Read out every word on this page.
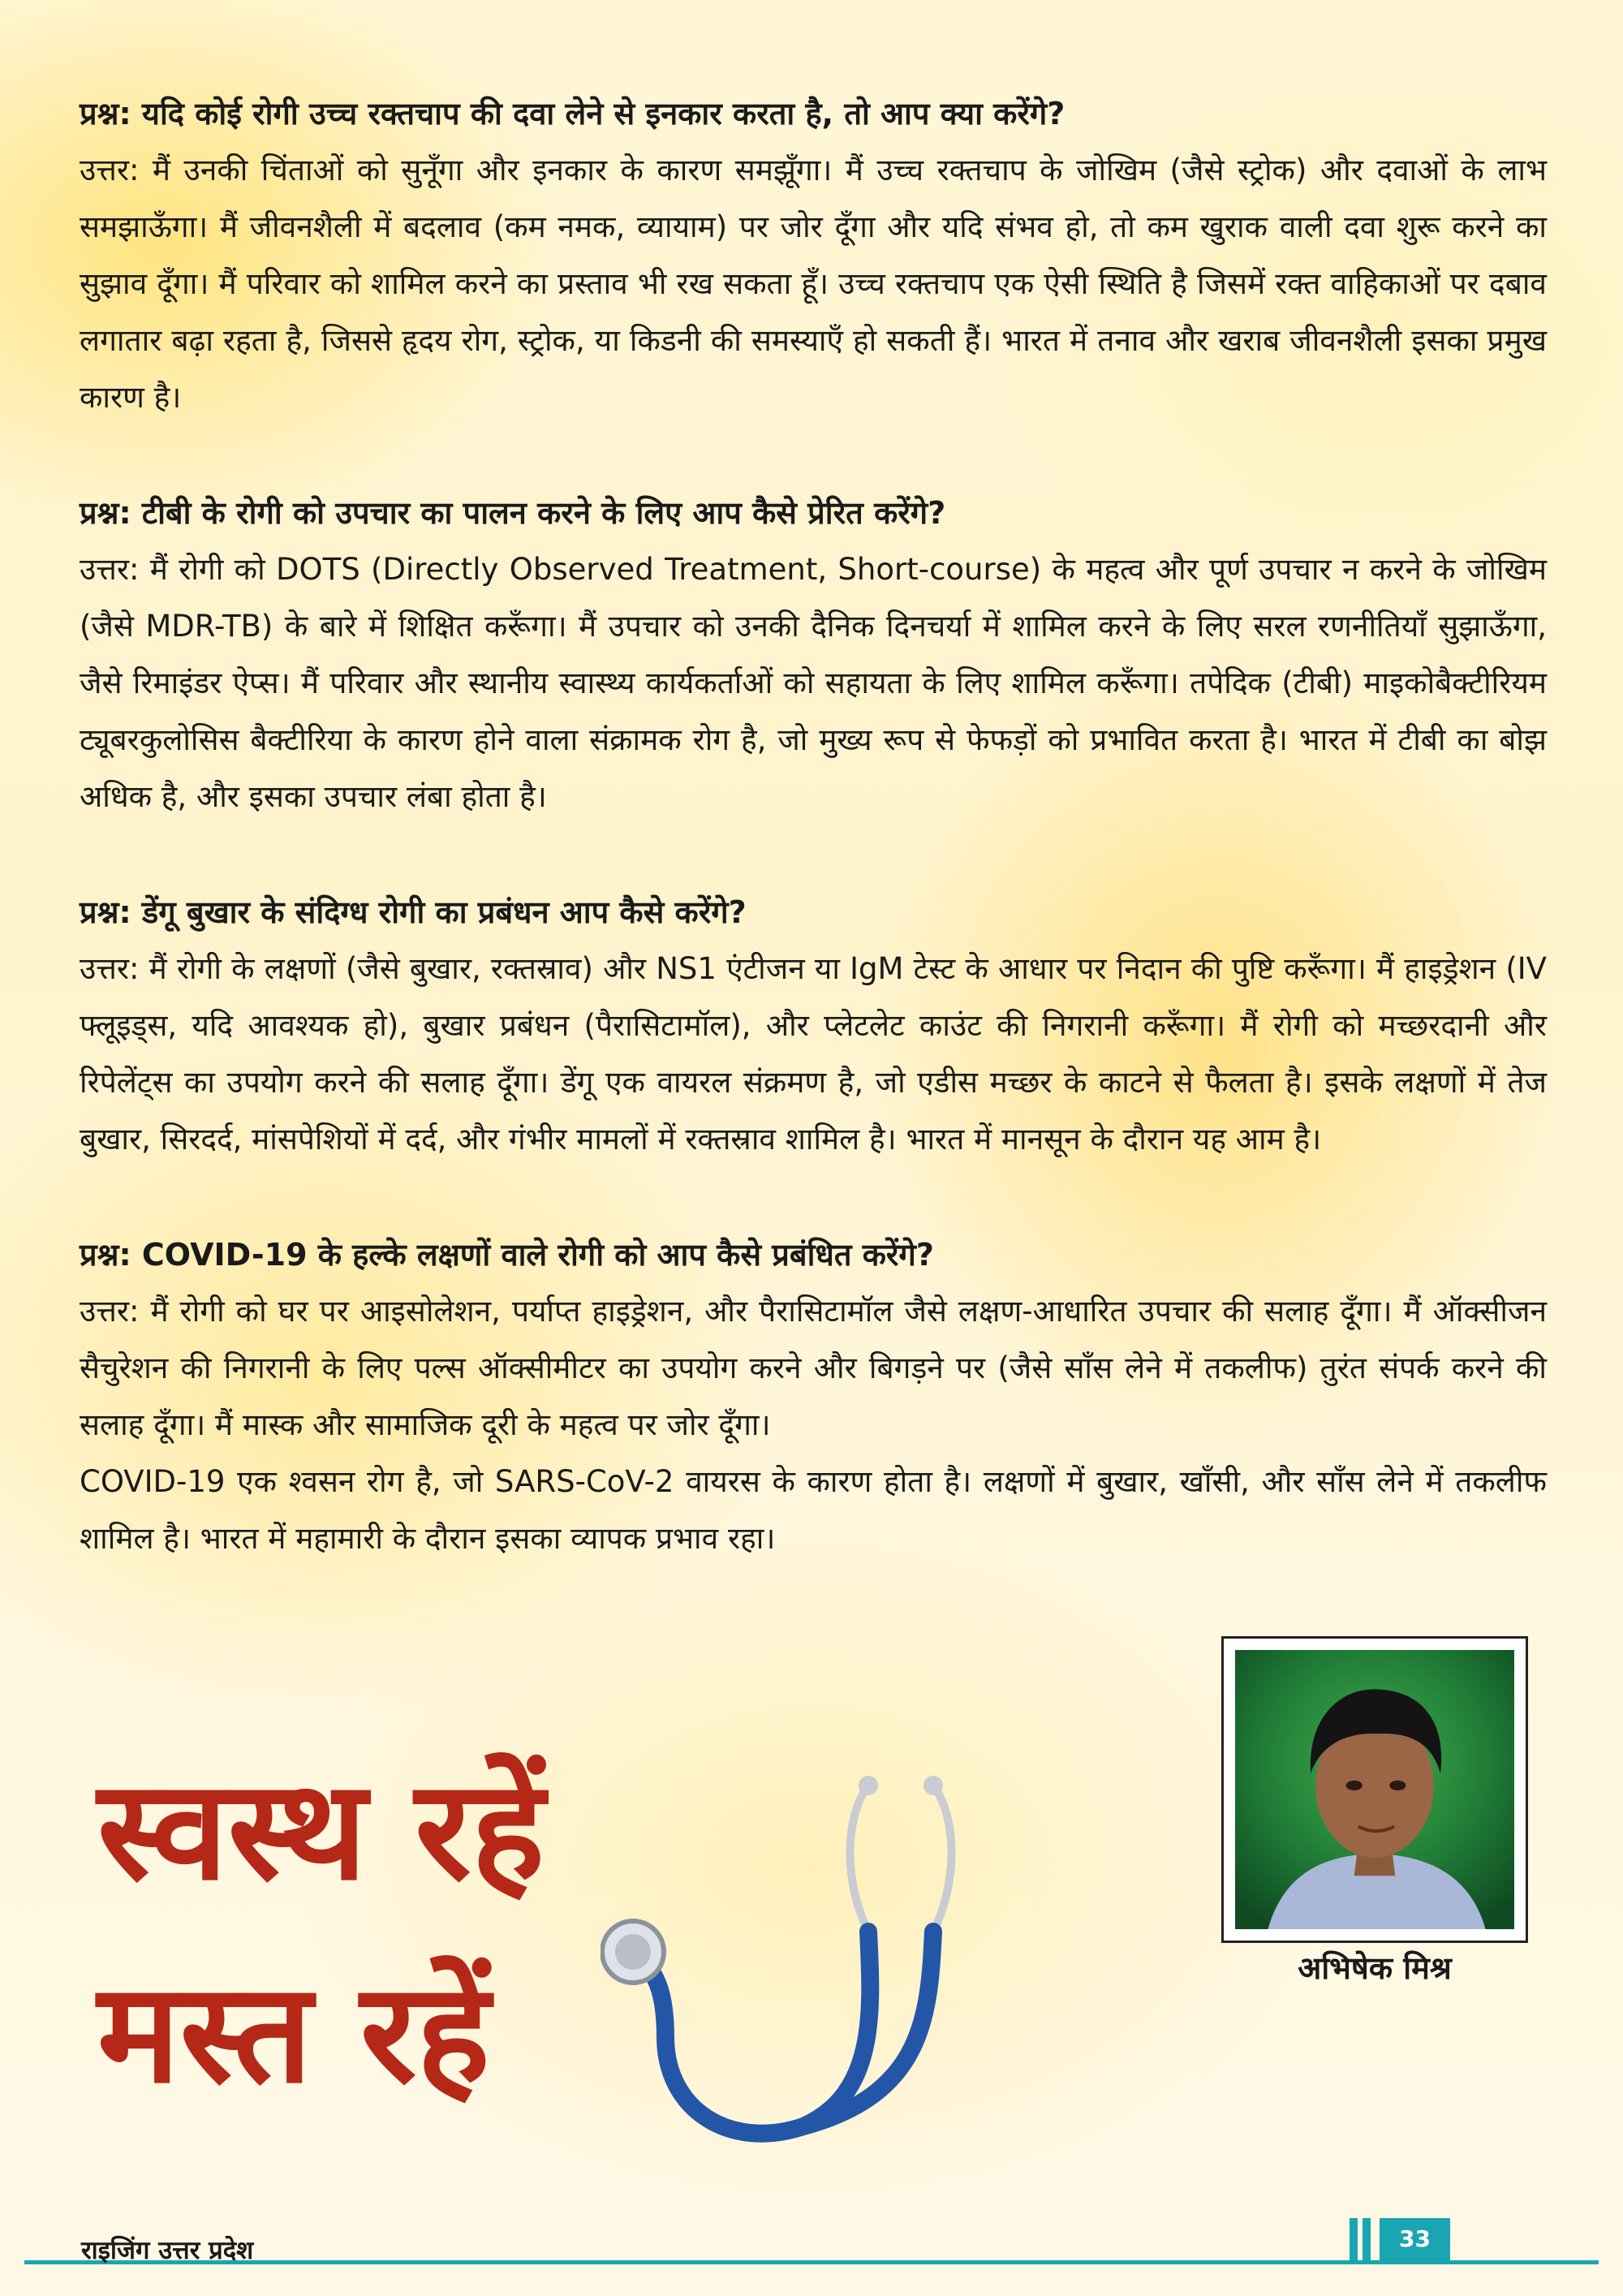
प्रश्न: यदि कोई रोगी उच्च रक्तचाप की दवा लेने से इनकार करता है, तो आप क्या करेंगे?

उत्तर: मैं उनकी चिंताओं को सुनूँगा और इनकार के कारण समझूँगा। मैं उच्च रक्तचाप के जोखिम (जैसे स्ट्रोक) और दवाओं के लाभ समझाऊँगा। मैं जीवनशैली में बदलाव (कम नमक, व्यायाम) पर जोर दूँगा और यदि संभव हो, तो कम खुराक वाली दवा शुरू करने का सुझाव दूँगा। मैं परिवार को शामिल करने का प्रस्ताव भी रख सकता हूँ। उच्च रक्तचाप एक ऐसी स्थिति है जिसमें रक्त वाहिकाओं पर दबाव लगातार बढ़ा रहता है, जिससे हृदय रोग, स्ट्रोक, या किडनी की समस्याएँ हो सकती हैं। भारत में तनाव और खराब जीवनशैली इसका प्रमुख कारण है।

प्रश्न: टीबी के रोगी को उपचार का पालन करने के लिए आप कैसे प्रेरित करेंगे?

उत्तर: मैं रोगी को DOTS (Directly Observed Treatment, Short-course) के महत्व और पूर्ण उपचार न करने के जोखिम (जैसे MDR-TB) के बारे में शिक्षित करूँगा। मैं उपचार को उनकी दैनिक दिनचर्या में शामिल करने के लिए सरल रणनीतियाँ सुझाऊँगा, जैसे रिमाइंडर ऐप्स। मैं परिवार और स्थानीय स्वास्थ्य कार्यकर्ताओं को सहायता के लिए शामिल करूँगा। तपेदिक (टीबी) माइकोबैक्टीरियम ट्यूबरकुलोसिस बैक्टीरिया के कारण होने वाला संक्रामक रोग है, जो मुख्य रूप से फेफड़ों को प्रभावित करता है। भारत में टीबी का बोझ अधिक है, और इसका उपचार लंबा होता है।

प्रश्न: डेंगू बुखार के संदिग्ध रोगी का प्रबंधन आप कैसे करेंगे?

उत्तर: मैं रोगी के लक्षणों (जैसे बुखार, रक्तस्राव) और NS1 एंटीजन या IgM टेस्ट के आधार पर निदान की पुष्टि करूँगा। मैं हाइड्रेशन (IV फ्लूइड्स, यदि आवश्यक हो), बुखार प्रबंधन (पैरासिटामॉल), और प्लेटलेट काउंट की निगरानी करूँगा। मैं रोगी को मच्छरदानी और रिपेलेंट्स का उपयोग करने की सलाह दूँगा। डेंगू एक वायरल संक्रमण है, जो एडीस मच्छर के काटने से फैलता है। इसके लक्षणों में तेज बुखार, सिरदर्द, मांसपेशियों में दर्द, और गंभीर मामलों में रक्तस्राव शामिल है। भारत में मानसून के दौरान यह आम है।

प्रश्न: COVID-19 के हल्के लक्षणों वाले रोगी को आप कैसे प्रबंधित करेंगे?

उत्तर: मैं रोगी को घर पर आइसोलेशन, पर्याप्त हाइड्रेशन, और पैरासिटामॉल जैसे लक्षण-आधारित उपचार की सलाह दूँगा। मैं ऑक्सीजन सैचुरेशन की निगरानी के लिए पल्स ऑक्सीमीटर का उपयोग करने और बिगड़ने पर (जैसे साँस लेने में तकलीफ) तुरंत संपर्क करने की सलाह दूँगा। मैं मास्क और सामाजिक दूरी के महत्व पर जोर दूँगा।

COVID-19 एक श्वसन रोग है, जो SARS-CoV-2 वायरस के कारण होता है। लक्षणों में बुखार, खाँसी, और साँस लेने में तकलीफ शामिल है। भारत में महामारी के दौरान इसका व्यापक प्रभाव रहा।

अभिषेक मिश्र
स्वस्थ रहें
मस्त रहें
33
राइजिंग उत्तर प्रदेश
